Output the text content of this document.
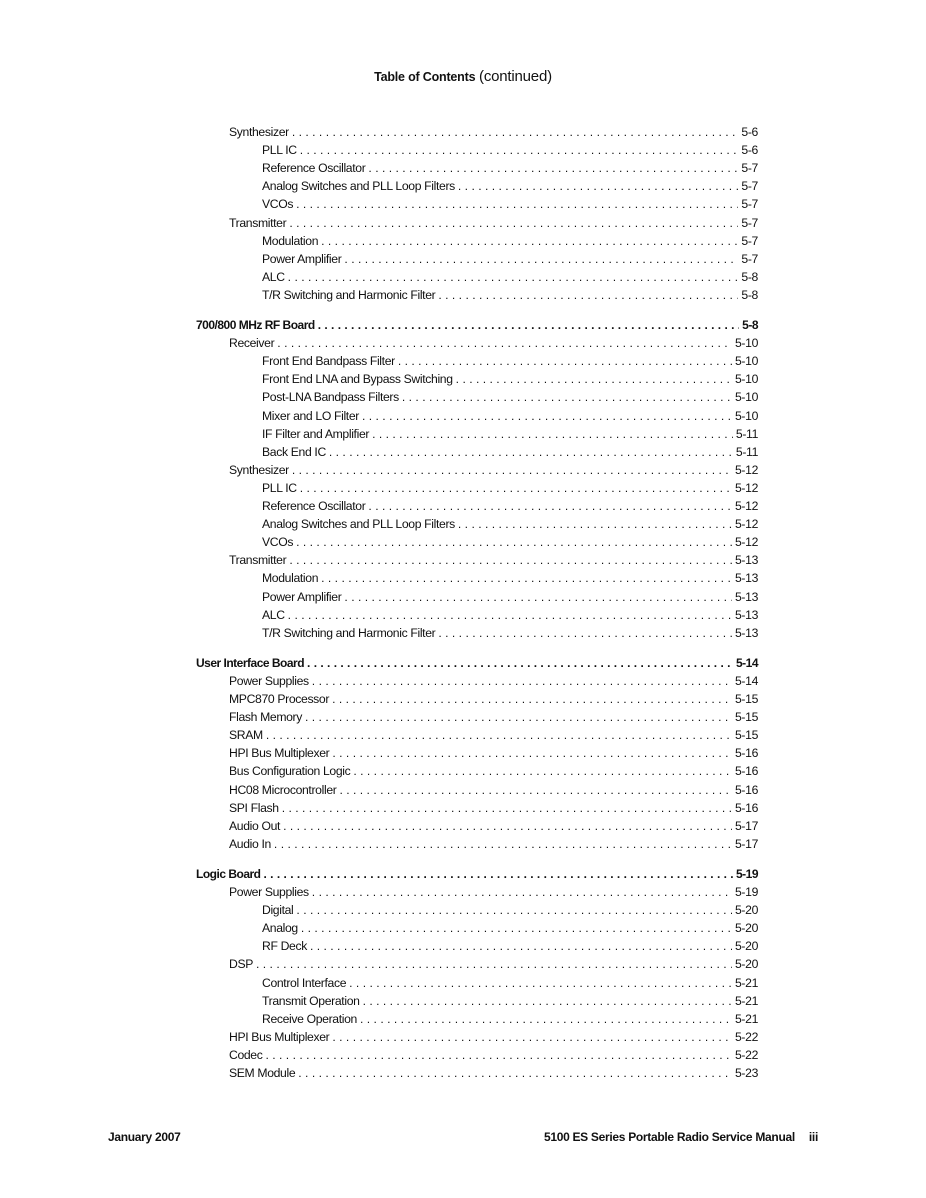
Table of Contents (continued)
Synthesizer . . .	5-6
PLL IC . . .	5-6
Reference Oscillator . . .	5-7
Analog Switches and PLL Loop Filters . . .	5-7
VCOs . . .	5-7
Transmitter . . .	5-7
Modulation . . .	5-7
Power Amplifier . . .	5-7
ALC . . .	5-8
T/R Switching and Harmonic Filter . . .	5-8
700/800 MHz RF Board . . .	5-8
Receiver . . .	5-10
Front End Bandpass Filter . . .	5-10
Front End LNA and Bypass Switching . . .	5-10
Post-LNA Bandpass Filters . . .	5-10
Mixer and LO Filter . . .	5-10
IF Filter and Amplifier . . .	5-11
Back End IC . . .	5-11
Synthesizer . . .	5-12
PLL IC . . .	5-12
Reference Oscillator . . .	5-12
Analog Switches and PLL Loop Filters . . .	5-12
VCOs . . .	5-12
Transmitter . . .	5-13
Modulation . . .	5-13
Power Amplifier . . .	5-13
ALC . . .	5-13
T/R Switching and Harmonic Filter . . .	5-13
User Interface Board . . .	5-14
Power Supplies . . .	5-14
MPC870 Processor . . .	5-15
Flash Memory . . .	5-15
SRAM . . .	5-15
HPI Bus Multiplexer . . .	5-16
Bus Configuration Logic . . .	5-16
HC08 Microcontroller . . .	5-16
SPI Flash . . .	5-16
Audio Out . . .	5-17
Audio In . . .	5-17
Logic Board . . .	5-19
Power Supplies . . .	5-19
Digital . . .	5-20
Analog . . .	5-20
RF Deck . . .	5-20
DSP . . .	5-20
Control Interface . . .	5-21
Transmit Operation . . .	5-21
Receive Operation . . .	5-21
HPI Bus Multiplexer . . .	5-22
Codec . . .	5-22
SEM Module . . .	5-23
January 2007	5100 ES Series Portable Radio Service Manual iii
